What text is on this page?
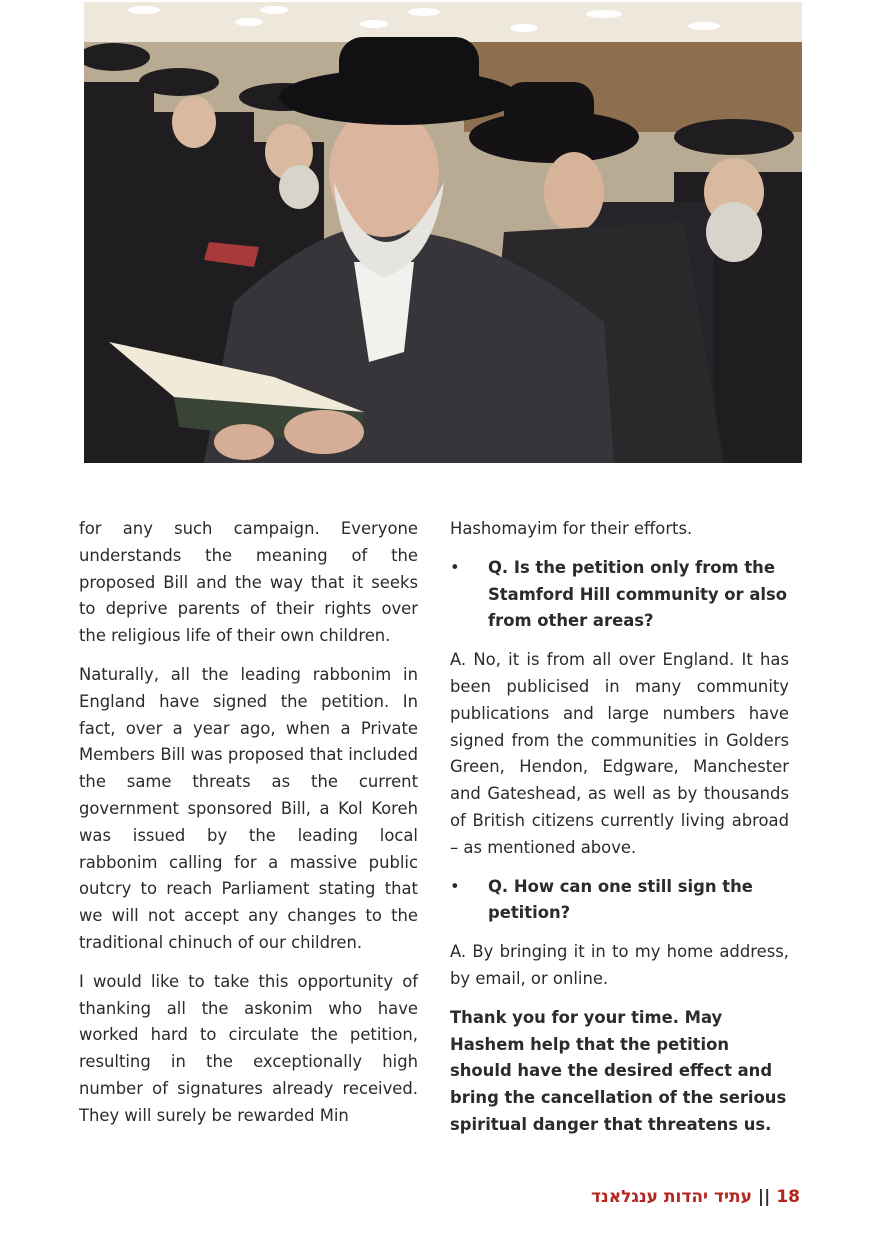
for any such campaign. Everyone understands the meaning of the proposed Bill and the way that it seeks to deprive parents of their rights over the religious life of their own children.

Naturally, all the leading rabbonim in England have signed the petition. In fact, over a year ago, when a Private Members Bill was proposed that included the same threats as the current government sponsored Bill, a Kol Koreh was issued by the leading local rabbonim calling for a massive public outcry to reach Parliament stating that we will not accept any changes to the traditional chinuch of our children.

I would like to take this opportunity of thanking all the askonim who have worked hard to circulate the petition, resulting in the exceptionally high number of signatures already received. They will surely be rewarded Min

Hashomayim for their efforts.

•	Q. Is the petition only from the Stamford Hill community or also from other areas?

A. No, it is from all over England. It has been publicised in many community publications and large numbers have signed from the communities in Golders Green, Hendon, Edgware, Manchester and Gateshead, as well as by thousands of British citizens currently living abroad – as mentioned above.

•	Q. How can one still sign the petition?

A. By bringing it in to my home address, by email, or online.

Thank you for your time. May Hashem help that the petition should have the desired effect and bring the cancellation of the serious spiritual danger that threatens us.

עתיד יהדות ענגלאנד || 18
